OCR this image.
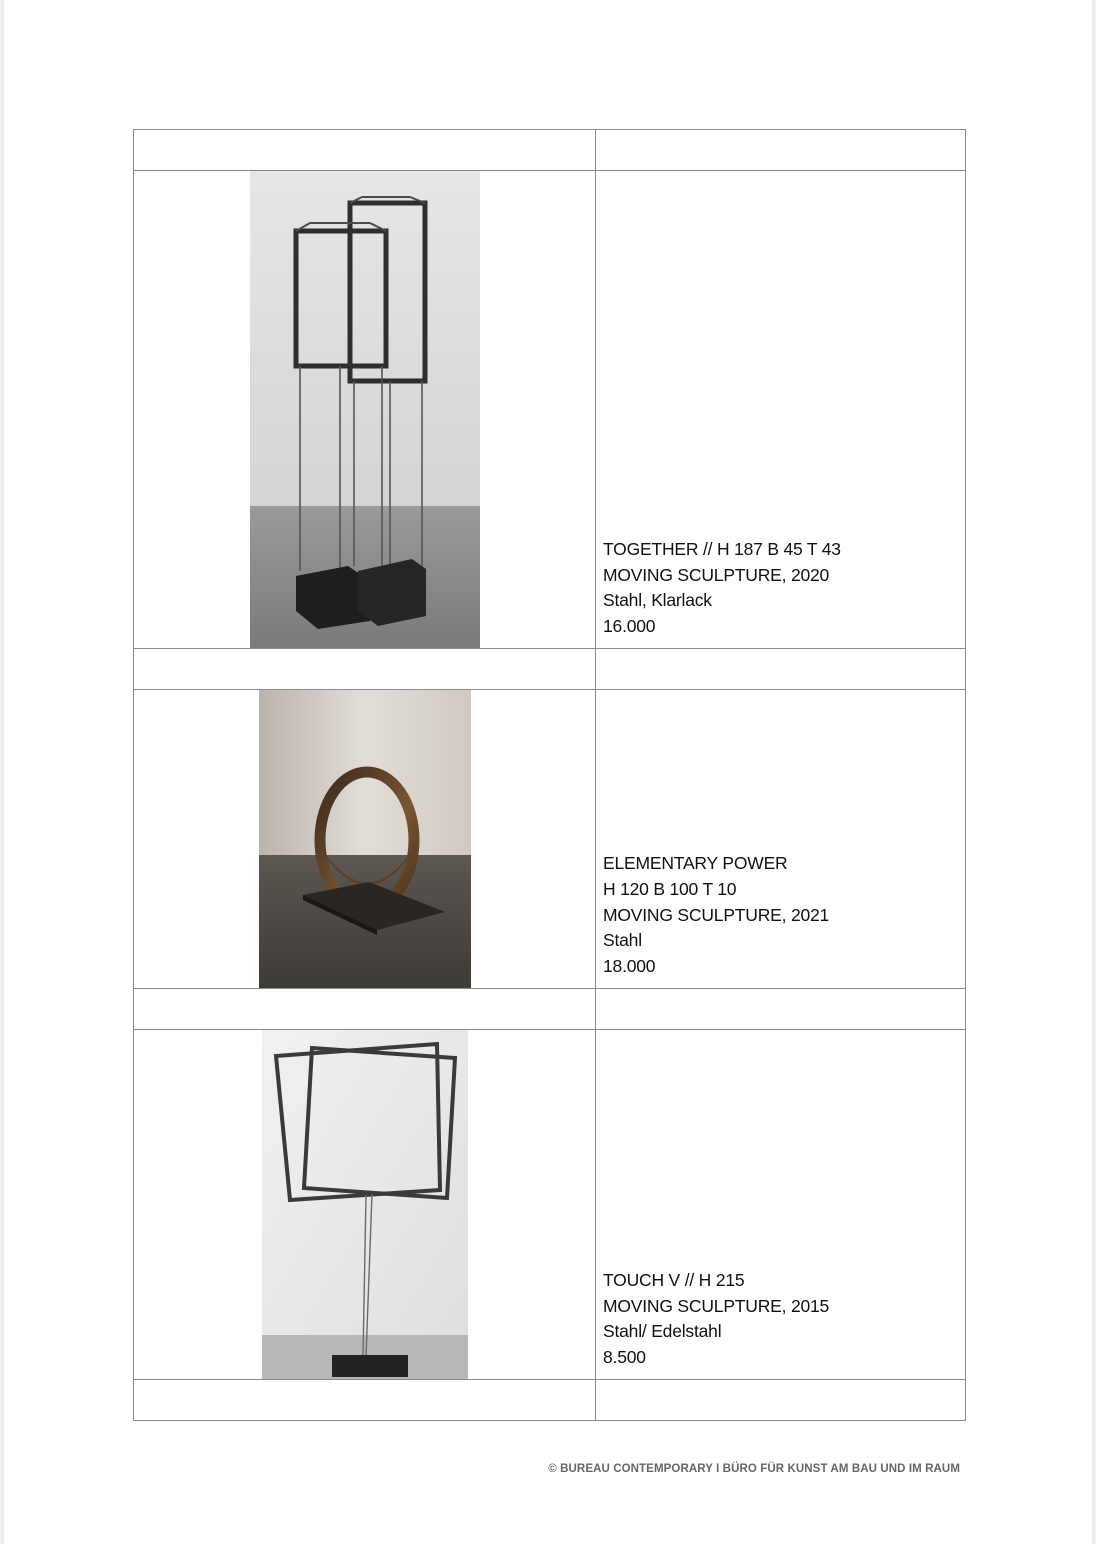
TOGETHER // H 187 B 45 T 43
MOVING SCULPTURE, 2020
Stahl, Klarlack
16.000

ELEMENTARY POWER
H 120 B 100 T 10
MOVING SCULPTURE, 2021
Stahl
18.000

TOUCH V // H 215
MOVING SCULPTURE, 2015
Stahl/ Edelstahl
8.500

© BUREAU CONTEMPORARY I BÜRO FÜR KUNST AM BAU UND IM RAUM
